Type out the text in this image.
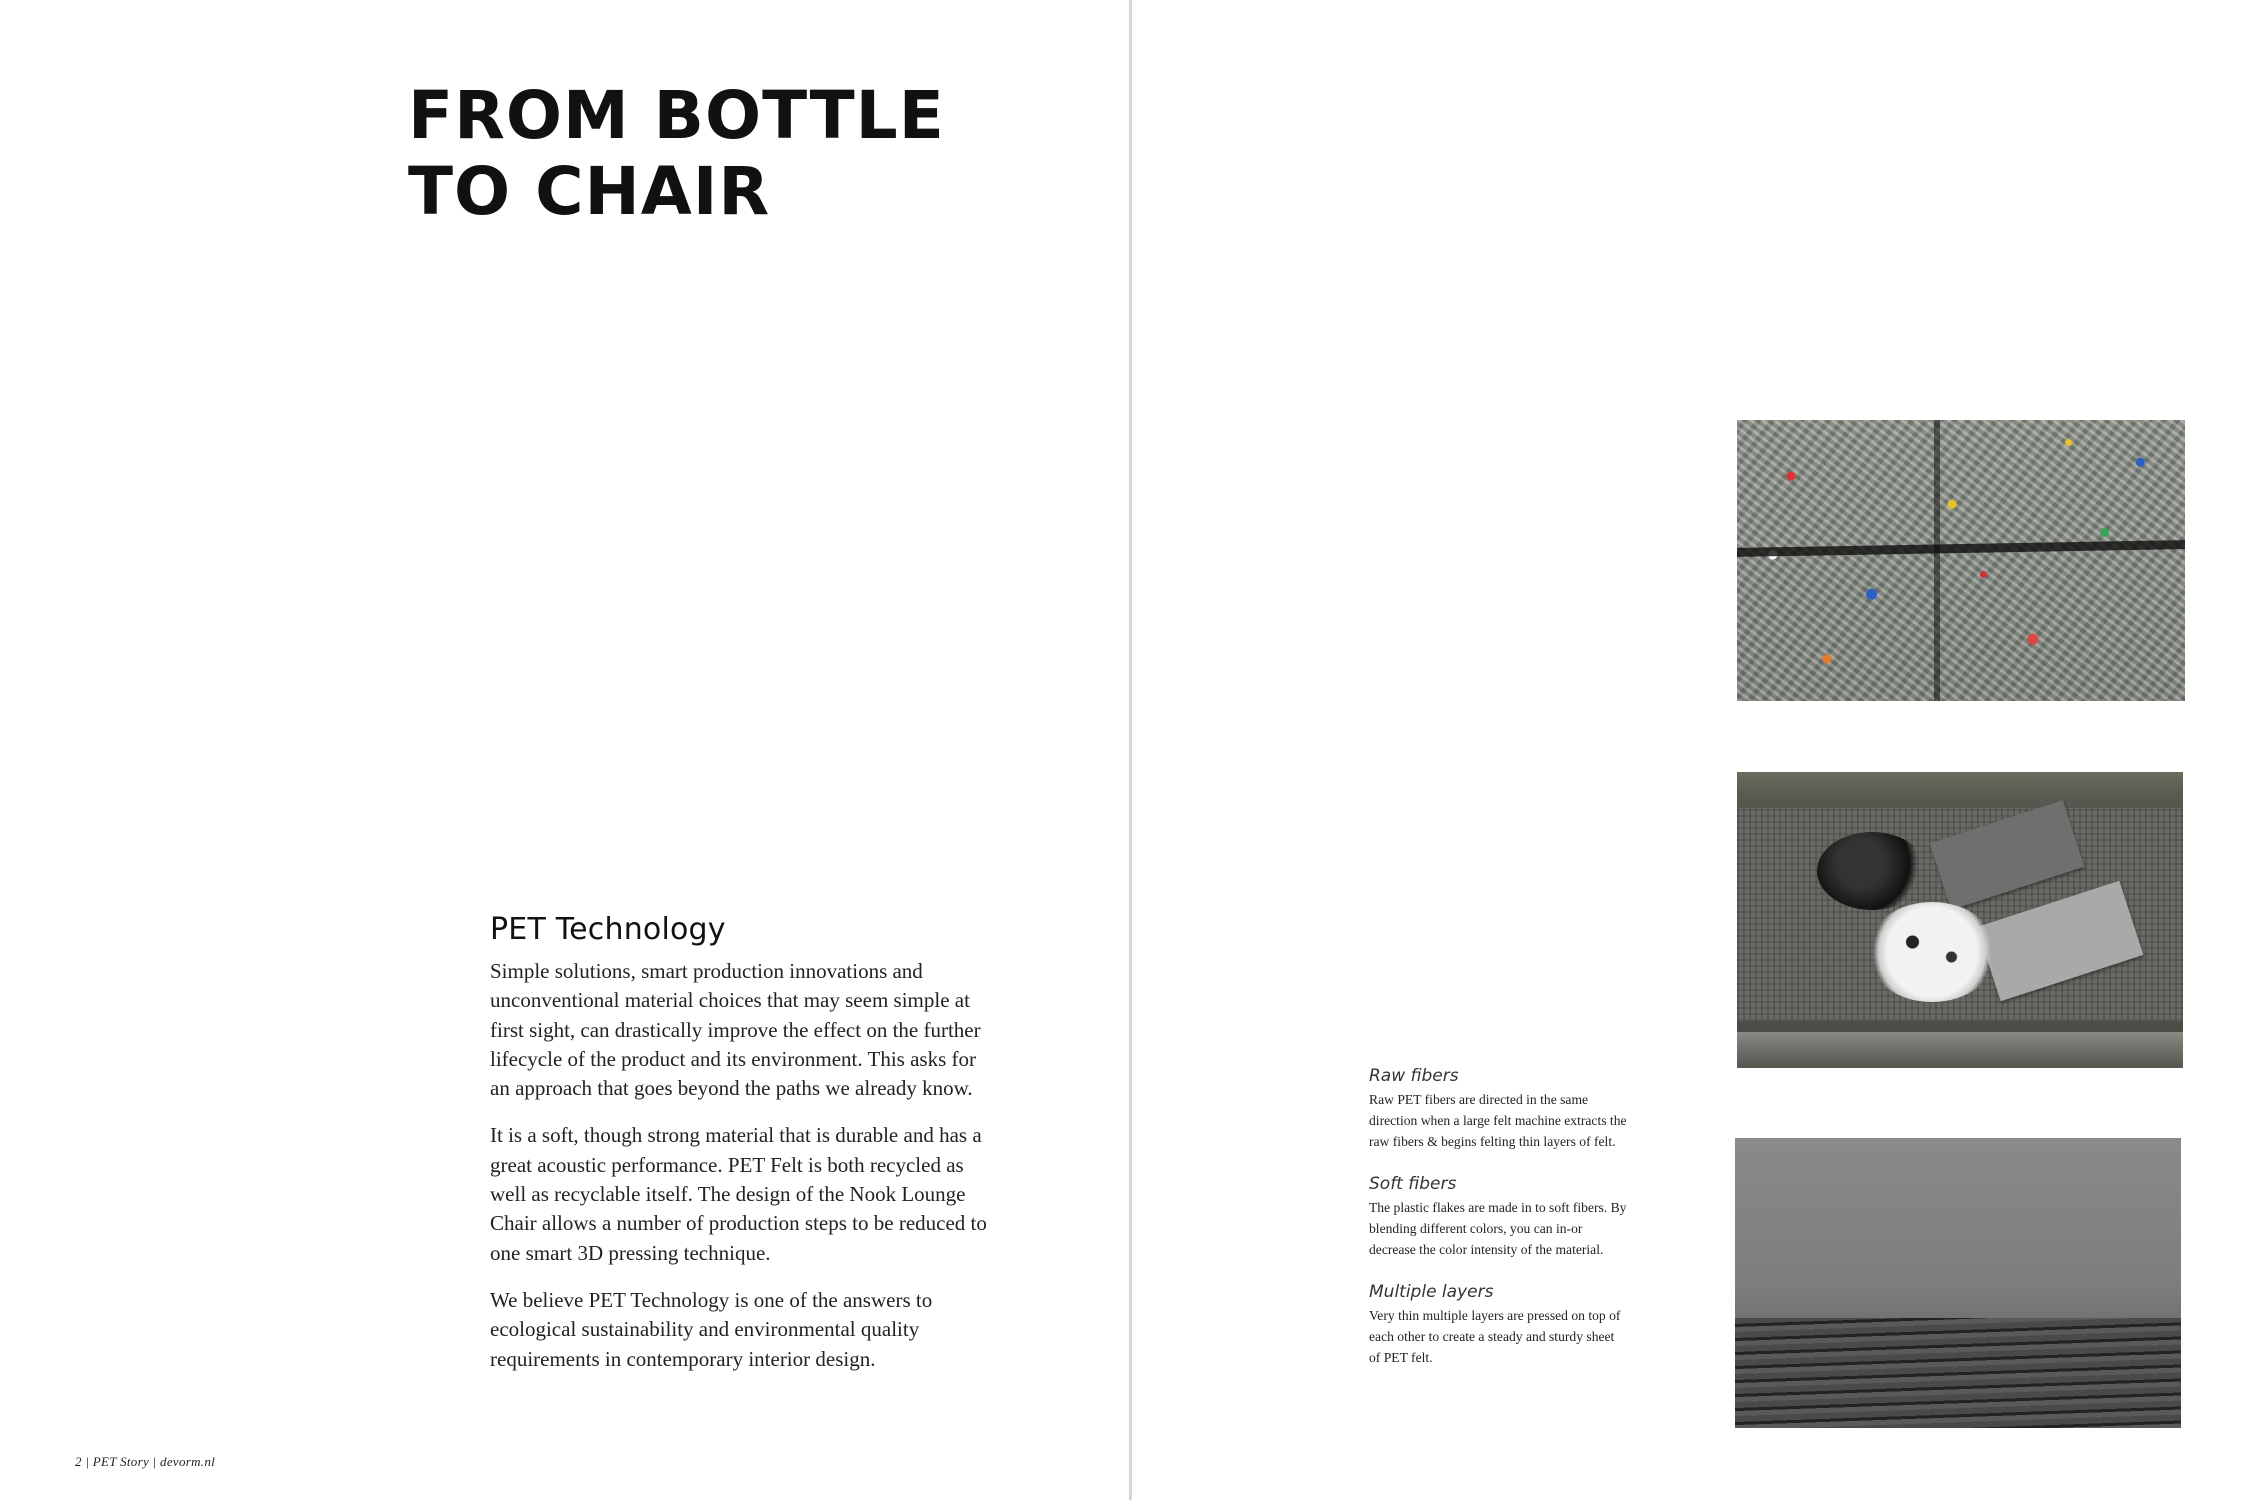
FROM BOTTLE
TO CHAIR
PET Technology

Simple solutions, smart production innovations and unconventional material choices that may seem simple at first sight, can drastically improve the effect on the further lifecycle of the product and its environment. This asks for an approach that goes beyond the paths we already know.

It is a soft, though strong material that is durable and has a great acoustic performance. PET Felt is both recycled as well as recyclable itself. The design of the Nook Lounge Chair allows a number of production steps to be reduced to one smart 3D pressing technique.

We believe PET Technology is one of the answers to ecological sustainability and environmental quality requirements in contemporary interior design.

2 | PET Story | devorm.nl
Raw fibers
Raw PET fibers are directed in the same direction when a large felt machine extracts the raw fibers & begins felting thin layers of felt.
Soft fibers
The plastic flakes are made in to soft fibers. By blending different colors, you can in-or decrease the color intensity of the material.
Multiple layers
Very thin multiple layers are pressed on top of each other to create a steady and sturdy sheet of PET felt.
